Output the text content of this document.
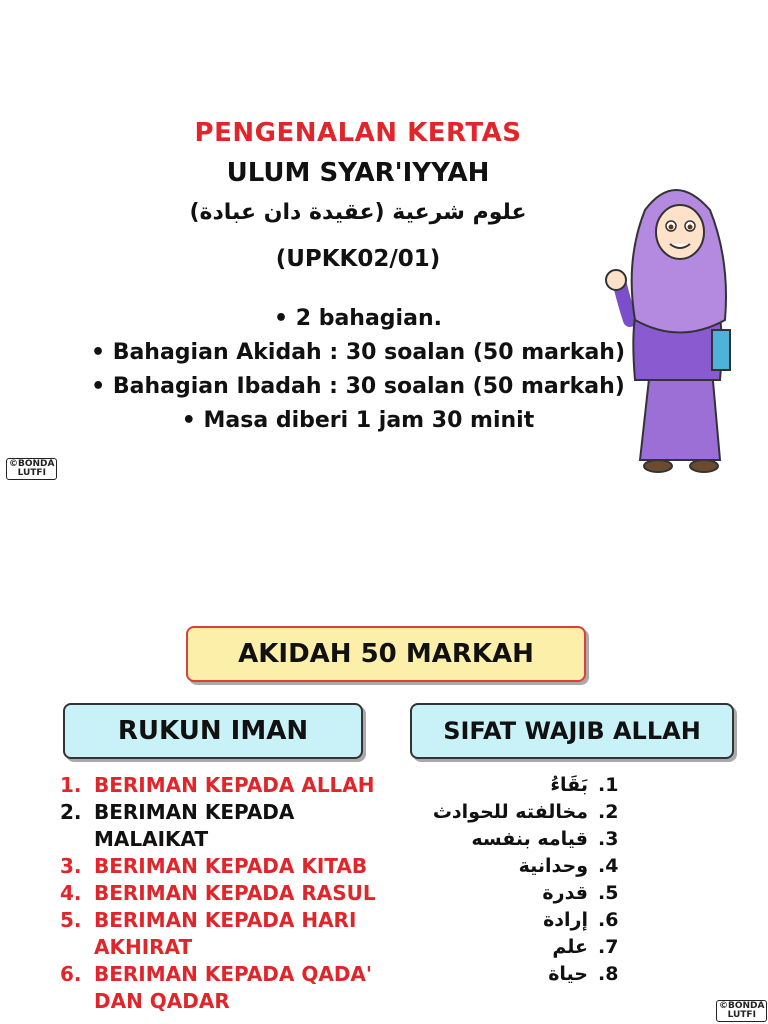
PENGENALAN KERTAS
ULUM SYAR'IYYAH
علوم شرعية (عقيدة دان عبادة)
(UPKK02/01)
• 2 bahagian.
• Bahagian Akidah : 30 soalan (50 markah)
• Bahagian Ibadah : 30 soalan (50 markah)
• Masa diberi 1 jam 30 minit
©BONDA
LUTFI
©BONDA
LUTFI
AKIDAH 50 MARKAH
RUKUN IMAN	SIFAT WAJIB ALLAH
1. BERIMAN KEPADA ALLAH
2. BERIMAN KEPADA MALAIKAT
3. BERIMAN KEPADA KITAB
4. BERIMAN KEPADA RASUL
5. BERIMAN KEPADA HARI AKHIRAT
6. BERIMAN KEPADA QADA' DAN QADAR
بَقَاءُ .1
مخالفته للحوادث .2
قيامه بنفسه .3
وحدانية .4
قدرة .5
إرادة .6
علم .7
حياة .8
